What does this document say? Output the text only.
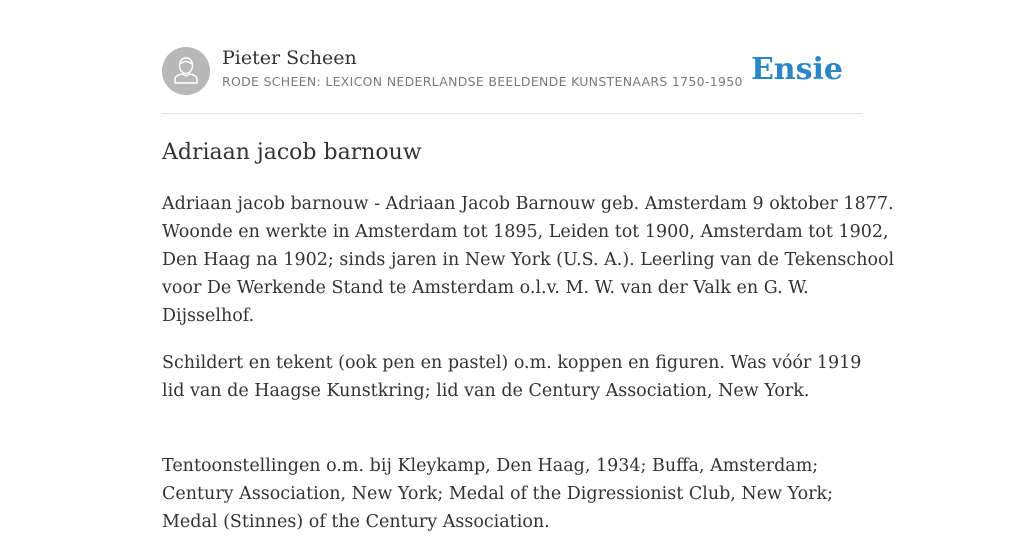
Pieter Scheen
RODE SCHEEN: LEXICON NEDERLANDSE BEELDENDE KUNSTENAARS 1750-1950 Ensie
Adriaan jacob barnouw

Adriaan jacob barnouw - Adriaan Jacob Barnouw geb. Amsterdam 9 oktober 1877.
Woonde en werkte in Amsterdam tot 1895, Leiden tot 1900, Amsterdam tot 1902,
Den Haag na 1902; sinds jaren in New York (U.S. A.). Leerling van de Tekenschool
voor De Werkende Stand te Amsterdam o.l.v. M. W. van der Valk en G. W.
Dijsselhof.

Schildert en tekent (ook pen en pastel) o.m. koppen en figuren. Was vóór 1919
lid van de Haagse Kunstkring; lid van de Century Association, New York.

Tentoonstellingen o.m. bij Kleykamp, Den Haag, 1934; Buffa, Amsterdam;
Century Association, New York; Medal of the Digressionist Club, New York;
Medal (Stinnes) of the Century Association.
